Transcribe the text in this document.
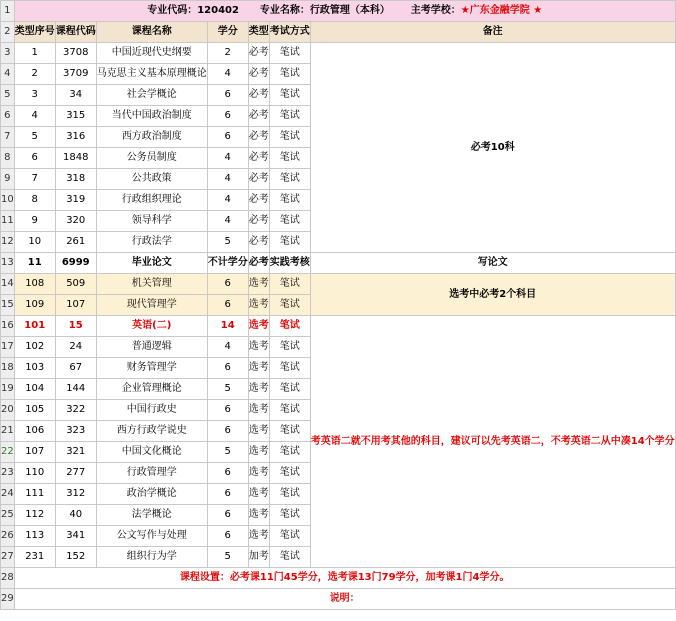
1	专业代码：120402 专业名称：行政管理（本科） 主考学校：★广东金融学院 ★						
2	类型序号	课程代码	课程名称	学分	类型	考试方式	备注
3	1	3708	中国近现代史纲要	2	必考	笔试	必考10科
4	2	3709	马克思主义基本原理概论	4	必考	笔试	
5	3	34	社会学概论	6	必考	笔试	
6	4	315	当代中国政治制度	6	必考	笔试	
7	5	316	西方政治制度	6	必考	笔试	
8	6	1848	公务员制度	4	必考	笔试	
9	7	318	公共政策	4	必考	笔试	
10	8	319	行政组织理论	4	必考	笔试	
11	9	320	领导科学	4	必考	笔试	
12	10	261	行政法学	5	必考	笔试	
13	11	6999	毕业论文	不计学分	必考	实践考核	写论文
14	108	509	机关管理	6	选考	笔试	选考中必考2个科目
15	109	107	现代管理学	6	选考	笔试	
16	101	15	英语(二)	14	选考	笔试	考英语二就不用考其他的科目，建议可以先考英语二，不考英语二从中凑14个学分
17	102	24	普通逻辑	4	选考	笔试	
18	103	67	财务管理学	6	选考	笔试	
19	104	144	企业管理概论	5	选考	笔试	
20	105	322	中国行政史	6	选考	笔试	
21	106	323	西方行政学说史	6	选考	笔试	
22	107	321	中国文化概论	5	选考	笔试	
23	110	277	行政管理学	6	选考	笔试	
24	111	312	政治学概论	6	选考	笔试	
25	112	40	法学概论	6	选考	笔试	
26	113	341	公文写作与处理	6	选考	笔试	
27	231	152	组织行为学	5	加考	笔试	
28	课程设置：必考课11门45学分，选考课13门79学分，加考课1门4学分。						
29	说明：						
